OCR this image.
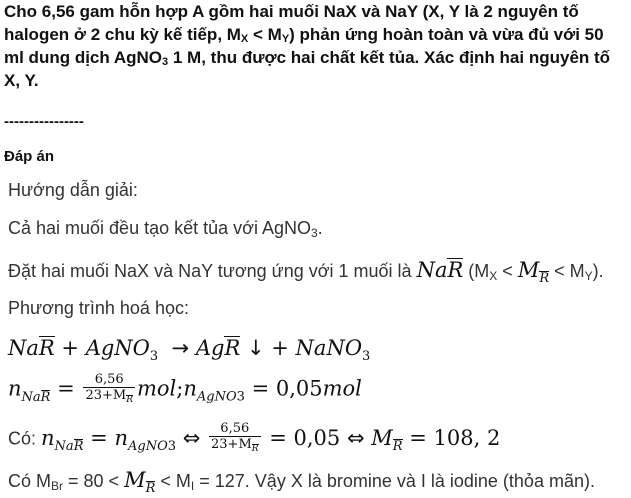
Cho 6,56 gam hỗn hợp A gồm hai muối NaX và NaY (X, Y là 2 nguyên tố halogen ở 2 chu kỳ kế tiếp, $M_X < M_Y$) phản ứng hoàn toàn và vừa đủ với 50 ml dung dịch AgNO$_3$ 1 M, thu được hai chất kết tủa. Xác định hai nguyên tố X, Y.
----------------
Đáp án
Hướng dẫn giải:
Cả hai muối đều tạo kết tủa với AgNO$_3$.
Đặt hai muối NaX và NaY tương ứng với 1 muối là NaR $(M_X < M_R < M_Y)$.
Phương trình hoá học:
NaR + AgNO$_3$ → AgR ↓ + NaNO$_3$
$n_{NaR} = \frac{6,56}{23+M_R}$ $mol;n_{AgNO3} = 0,05mol$
Có: $n_{NaR} = n_{AgNO3}$ ⇔ $\frac{6,56}{23+M_R} = 0,05$ ⇔ $M_R = 108$, 2
Có $M_{Br} = 80 < M_R < M_I = 127$. Vậy X là bromine và I là iodine (thỏa mãn).
